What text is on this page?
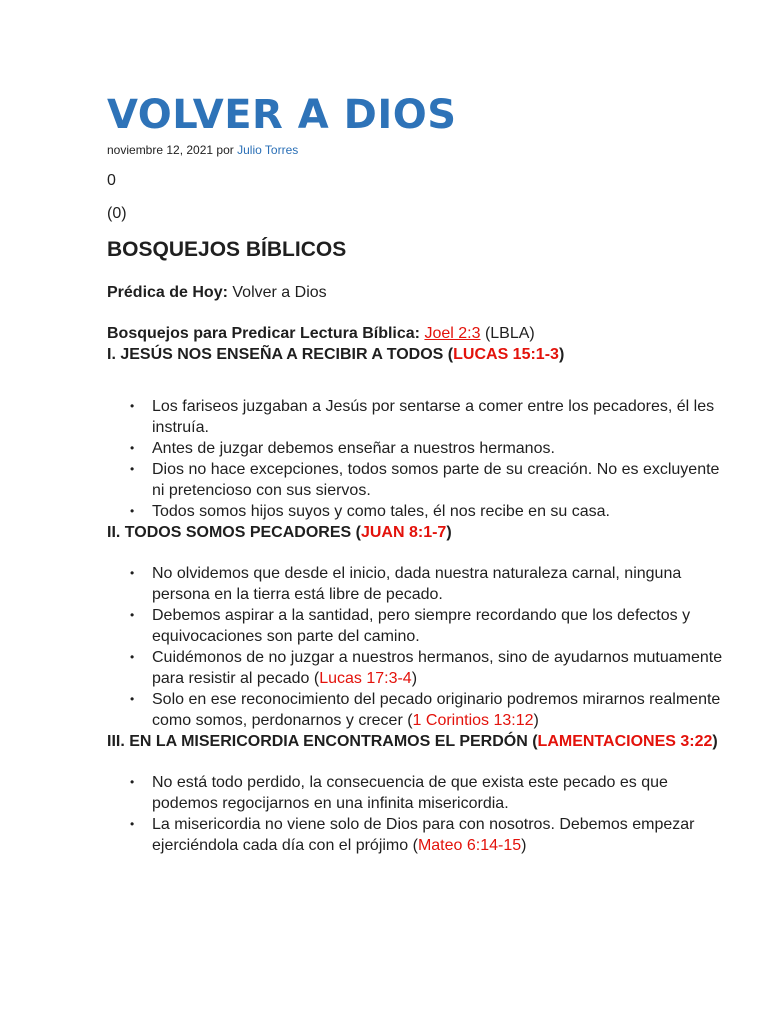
VOLVER A DIOS
noviembre 12, 2021 por Julio Torres
0
(0)
BOSQUEJOS BÍBLICOS

Prédica de Hoy: Volver a Dios

Bosquejos para Predicar Lectura Bíblica: Joel 2:3 (LBLA)

I. JESÚS NOS ENSEÑA A RECIBIR A TODOS (LUCAS 15:1-3)

• Los fariseos juzgaban a Jesús por sentarse a comer entre los pecadores, él les instruía.
• Antes de juzgar debemos enseñar a nuestros hermanos.
• Dios no hace excepciones, todos somos parte de su creación. No es excluyente ni pretencioso con sus siervos.
• Todos somos hijos suyos y como tales, él nos recibe en su casa.

II. TODOS SOMOS PECADORES (JUAN 8:1-7)

• No olvidemos que desde el inicio, dada nuestra naturaleza carnal, ninguna persona en la tierra está libre de pecado.
• Debemos aspirar a la santidad, pero siempre recordando que los defectos y equivocaciones son parte del camino.
• Cuidémonos de no juzgar a nuestros hermanos, sino de ayudarnos mutuamente para resistir al pecado (Lucas 17:3-4)
• Solo en ese reconocimiento del pecado originario podremos mirarnos realmente como somos, perdonarnos y crecer (1 Corintios 13:12)

III. EN LA MISERICORDIA ENCONTRAMOS EL PERDÓN (LAMENTACIONES 3:22)

• No está todo perdido, la consecuencia de que exista este pecado es que podemos regocijarnos en una infinita misericordia.
• La misericordia no viene solo de Dios para con nosotros. Debemos empezar ejerciéndola cada día con el prójimo (Mateo 6:14-15)
